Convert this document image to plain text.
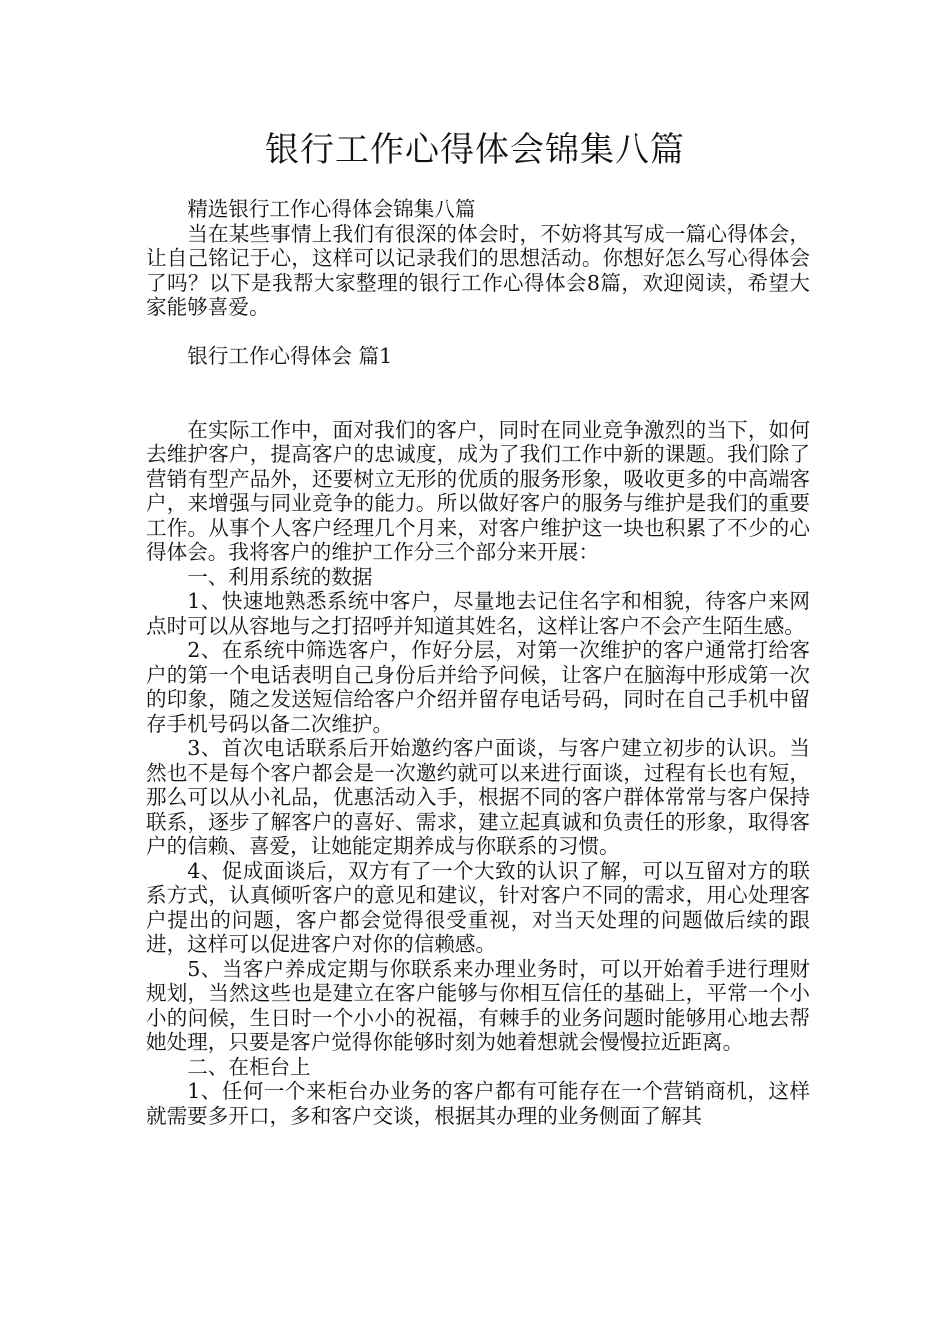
银行工作心得体会锦集八篇

精选银行工作心得体会锦集八篇

当在某些事情上我们有很深的体会时，不妨将其写成一篇心得体会，让自己铭记于心，这样可以记录我们的思想活动。你想好怎么写心得体会了吗？以下是我帮大家整理的银行工作心得体会8篇，欢迎阅读，希望大家能够喜爱。

银行工作心得体会 篇1

在实际工作中，面对我们的客户，同时在同业竞争激烈的当下，如何去维护客户，提高客户的忠诚度，成为了我们工作中新的课题。我们除了营销有型产品外，还要树立无形的优质的服务形象，吸收更多的中高端客户，来增强与同业竞争的能力。所以做好客户的服务与维护是我们的重要工作。从事个人客户经理几个月来，对客户维护这一块也积累了不少的心得体会。我将客户的维护工作分三个部分来开展：

一、利用系统的数据

1、快速地熟悉系统中客户，尽量地去记住名字和相貌，待客户来网点时可以从容地与之打招呼并知道其姓名，这样让客户不会产生陌生感。

2、在系统中筛选客户，作好分层，对第一次维护的客户通常打给客户的第一个电话表明自己身份后并给予问候，让客户在脑海中形成第一次的印象，随之发送短信给客户介绍并留存电话号码，同时在自己手机中留存手机号码以备二次维护。

3、首次电话联系后开始邀约客户面谈，与客户建立初步的认识。当然也不是每个客户都会是一次邀约就可以来进行面谈，过程有长也有短，那么可以从小礼品，优惠活动入手，根据不同的客户群体常常与客户保持联系，逐步了解客户的喜好、需求，建立起真诚和负责任的形象，取得客户的信赖、喜爱，让她能定期养成与你联系的习惯。

4、促成面谈后，双方有了一个大致的认识了解，可以互留对方的联系方式，认真倾听客户的意见和建议，针对客户不同的需求，用心处理客户提出的问题，客户都会觉得很受重视，对当天处理的问题做后续的跟进，这样可以促进客户对你的信赖感。

5、当客户养成定期与你联系来办理业务时，可以开始着手进行理财规划，当然这些也是建立在客户能够与你相互信任的基础上，平常一个小小的问候，生日时一个小小的祝福，有棘手的业务问题时能够用心地去帮她处理，只要是客户觉得你能够时刻为她着想就会慢慢拉近距离。

二、在柜台上

1、任何一个来柜台办业务的客户都有可能存在一个营销商机，这样就需要多开口，多和客户交谈，根据其办理的业务侧面了解其
